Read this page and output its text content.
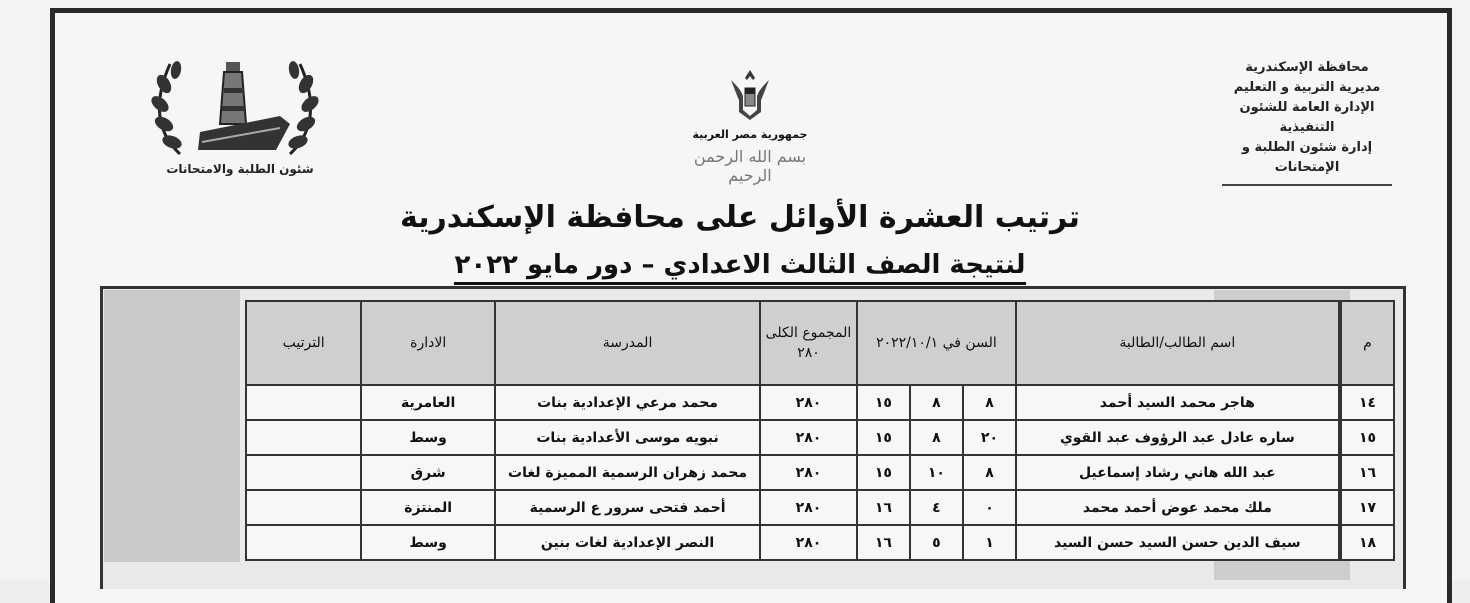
محافظة الإسكندرية
مديرية التربية و التعليم
الإدارة العامة للشئون التنفيذية
إدارة شئون الطلبة و الإمتحانات
جمهورية مصر العربية
بسم الله الرحمن الرحيم
شئون الطلبة والامتحانات
ترتيب العشرة الأوائل على محافظة الإسكندرية
لنتيجة الصف الثالث الاعدادي – دور مايو ٢٠٢٢
م		اسم الطالب/الطالبة	السن في ٢٠٢٢/١٠/١			المجموع الكلى ٢٨٠	المدرسة	الادارة	الترتيب
١٤		هاجر محمد السيد أحمد	٨	٨	١٥	٢٨٠	محمد مرعي الإعدادية بنات	العامرية	
١٥		ساره عادل عبد الرؤوف عبد القوي	٢٠	٨	١٥	٢٨٠	نبويه موسى الأعدادية بنات	وسط	
١٦		عبد الله هاني رشاد إسماعيل	٨	١٠	١٥	٢٨٠	محمد زهران الرسمية المميزة لغات	شرق	
١٧		ملك محمد عوض أحمد محمد	٠	٤	١٦	٢٨٠	أحمد فتحى سرور ع الرسمية	المنتزة	
١٨		سيف الدين حسن السيد حسن السيد	١	٥	١٦	٢٨٠	النصر الإعدادية لغات بنين	وسط	
